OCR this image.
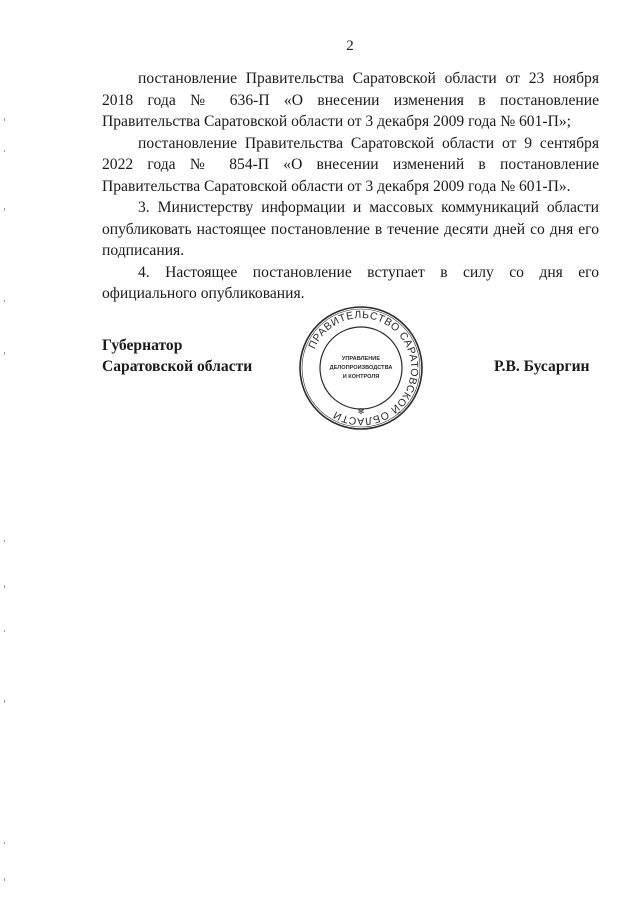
2

постановление Правительства Саратовской области от 23 ноября 2018 года № 636-П «О внесении изменения в постановление Правительства Саратовской области от 3 декабря 2009 года № 601-П»;

постановление Правительства Саратовской области от 9 сентября 2022 года № 854-П «О внесении изменений в постановление Правительства Саратовской области от 3 декабря 2009 года № 601-П».

3. Министерству информации и массовых коммуникаций области опубликовать настоящее постановление в течение десяти дней со дня его подписания.

4. Настоящее постановление вступает в силу со дня его официального опубликования.

Губернатор
Саратовской области
ПРАВИТЕЛЬСТВО САРАТОВСКОЙ ОБЛАСТИ
УПРАВЛЕНИЕ
ДЕЛОПРОИЗВОДСТВА
И КОНТРОЛЯ
✻
Р.В. Бусаргин
